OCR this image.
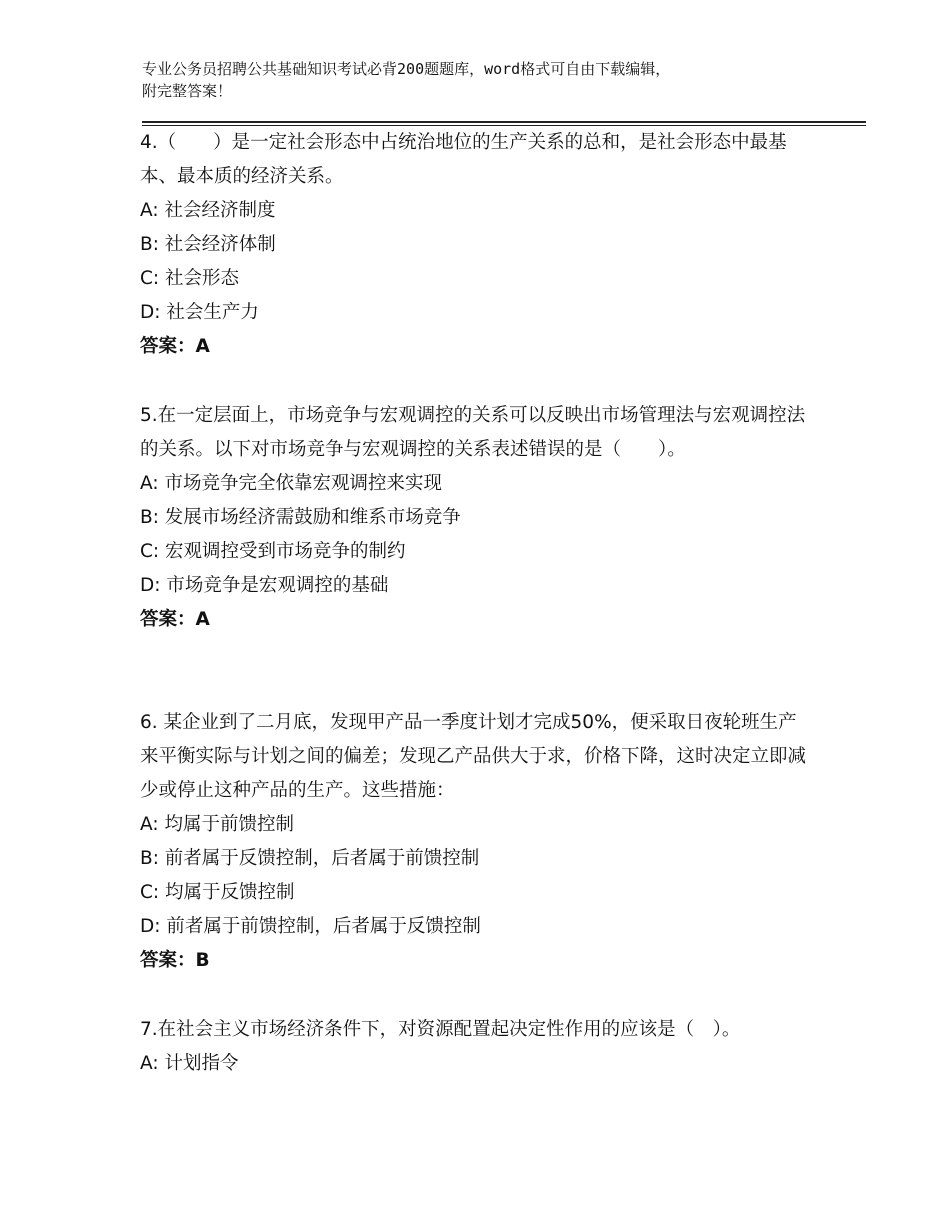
专业公务员招聘公共基础知识考试必背200题题库，word格式可自由下载编辑，
附完整答案！

4.（　　）是一定社会形态中占统治地位的生产关系的总和，是社会形态中最基本、最本质的经济关系。

A: 社会经济制度
B: 社会经济体制
C: 社会形态
D: 社会生产力
答案：A

5.在一定层面上，市场竞争与宏观调控的关系可以反映出市场管理法与宏观调控法的关系。以下对市场竞争与宏观调控的关系表述错误的是（　　）。

A: 市场竞争完全依靠宏观调控来实现
B: 发展市场经济需鼓励和维系市场竞争
C: 宏观调控受到市场竞争的制约
D: 市场竞争是宏观调控的基础
答案：A

6. 某企业到了二月底，发现甲产品一季度计划才完成50%，便采取日夜轮班生产来平衡实际与计划之间的偏差；发现乙产品供大于求，价格下降，这时决定立即减少或停止这种产品的生产。这些措施：

A: 均属于前馈控制
B: 前者属于反馈控制，后者属于前馈控制
C: 均属于反馈控制
D: 前者属于前馈控制，后者属于反馈控制
答案：B

7.在社会主义市场经济条件下，对资源配置起决定性作用的应该是（　）。

A: 计划指令
